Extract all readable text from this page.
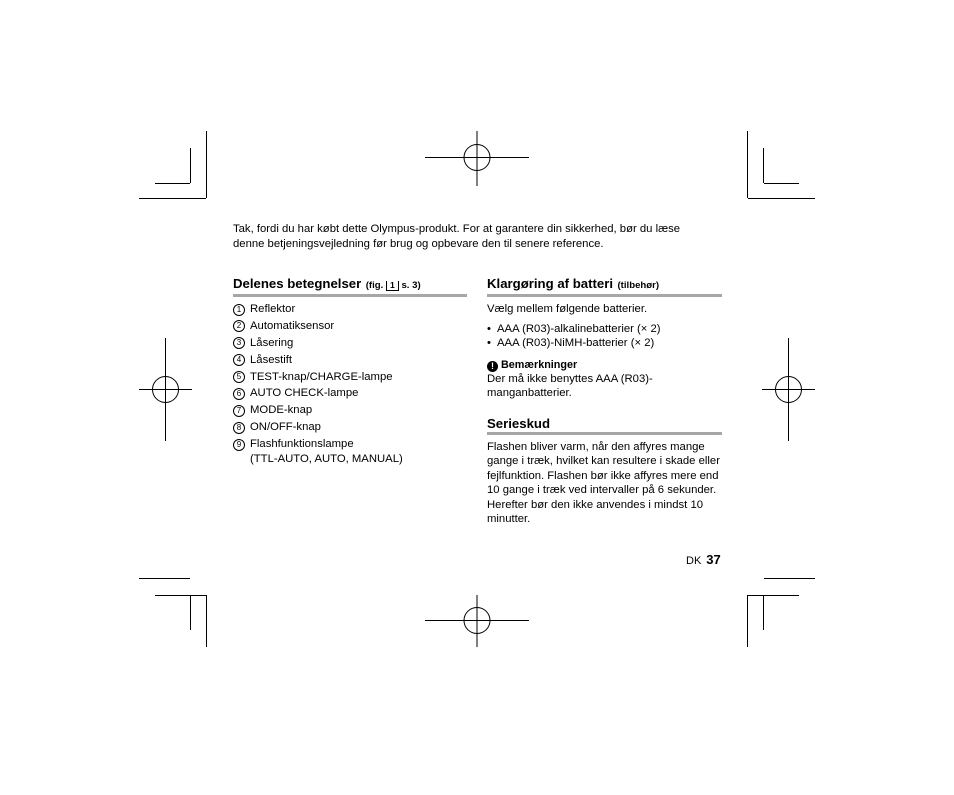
Tak, fordi du har købt dette Olympus-produkt. For at garantere din sikkerhed, bør du læse denne betjeningsvejledning før brug og opbevare den til senere reference.

Delenes betegnelser (fig. 1 s. 3)
1 Reflektor
2 Automatiksensor
3 Låsering
4 Låsestift
5 TEST-knap/CHARGE-lampe
6 AUTO CHECK-lampe
7 MODE-knap
8 ON/OFF-knap
9 Flashfunktionslampe
(TTL-AUTO, AUTO, MANUAL)
Klargøring af batteri (tilbehør)

Vælg mellem følgende batterier.

• AAA (R03)-alkalinebatterier (× 2)
• AAA (R03)-NiMH-batterier (× 2)
! Bemærkninger

Der må ikke benyttes AAA (R03)-manganbatterier.

Serieskud

Flashen bliver varm, når den affyres mange gange i træk, hvilket kan resultere i skade eller fejlfunktion. Flashen bør ikke affyres mere end 10 gange i træk ved intervaller på 6 sekunder. Herefter bør den ikke anvendes i mindst 10 minutter.

DK 37
